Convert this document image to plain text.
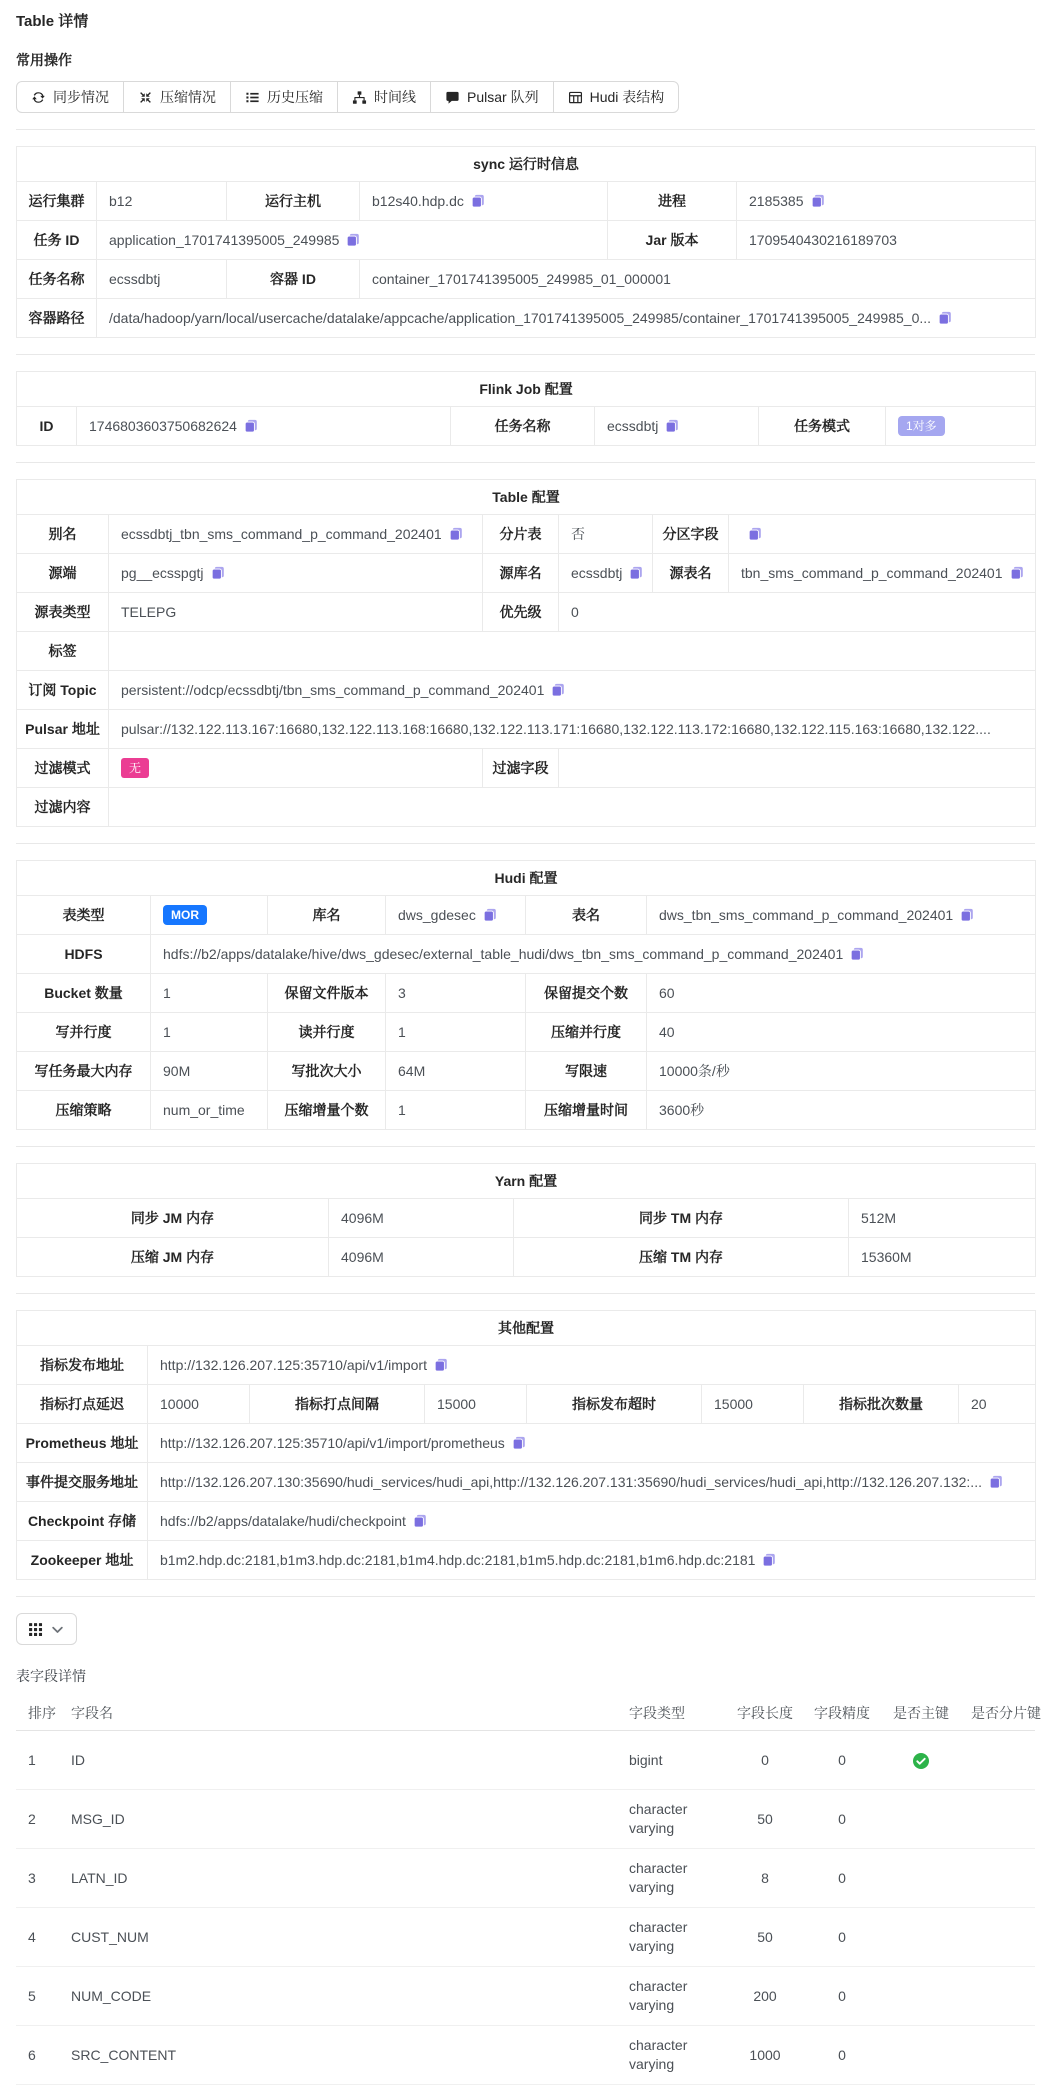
Table 详情
常用操作
同步情况	压缩情况	历史压缩	时间线	Pulsar 队列	Hudi 表结构
sync 运行时信息					
运行集群	b12	运行主机	b12s40.hdp.dc	进程	2185385

任务 ID	application_1701741395005_249985			Jar 版本	1709540430216189703
任务名称	ecssdbtj	容器 ID	container_1701741395005_249985_01_000001		
容器路径	/data/hadoop/yarn/local/usercache/datalake/appcache/application_1701741395005_249985/container_1701741395005_249985_0...				
Flink Job 配置
ID	1746803603750682624	任务名称	ecssdbtj	任务模式	1对多
Table 配置					
别名	ecssdbtj_tbn_sms_command_p_command_202401	分片表	否	分区字段	

源端	pg__ecsspgtj	源库名	ecssdbtj	源表名	tbn_sms_command_p_command_202401

源表类型	TELEPG	优先级	0		
标签					
订阅 Topic	persistent://odcp/ecssdbtj/tbn_sms_command_p_command_202401				

Pulsar 地址	pulsar://132.122.113.167:16680,132.122.113.168:16680,132.122.113.171:16680,132.122.113.172:16680,132.122.115.163:16680,132.122....				
过滤模式	无	过滤字段			
过滤内容					
Hudi 配置					
表类型	MOR	库名	dws_gdesec	表名	dws_tbn_sms_command_p_command_202401

HDFS	hdfs://b2/apps/datalake/hive/dws_gdesec/external_table_hudi/dws_tbn_sms_command_p_command_202401				

Bucket 数量	1	保留文件版本	3	保留提交个数	60
写并行度	1	读并行度	1	压缩并行度	40
写任务最大内存	90M	写批次大小	64M	写限速	10000条/秒
压缩策略	num_or_time	压缩增量个数	1	压缩增量时间	3600秒
Yarn 配置			
同步 JM 内存	4096M	同步 TM 内存	512M
压缩 JM 内存	4096M	压缩 TM 内存	15360M
其他配置							
指标发布地址	http://132.126.207.125:35710/api/v1/import						

指标打点延迟	10000	指标打点间隔	15000	指标发布超时	15000	指标批次数量	20
Prometheus 地址	http://132.126.207.125:35710/api/v1/import/prometheus						

事件提交服务地址	http://132.126.207.130:35690/hudi_services/hudi_api,http://132.126.207.131:35690/hudi_services/hudi_api,http://132.126.207.132:...						

Checkpoint 存储	hdfs://b2/apps/datalake/hudi/checkpoint						

Zookeeper 地址	b1m2.hdp.dc:2181,b1m3.hdp.dc:2181,b1m4.hdp.dc:2181,b1m5.hdp.dc:2181,b1m6.hdp.dc:2181						
表字段详情
排序	字段名	字段类型	字段长度	字段精度	是否主键	是否分片键
1	ID	bigint	0	0	

2	MSG_ID	character varying	50	0		
3	LATN_ID	character varying	8	0		
4	CUST_NUM	character varying	50	0		
5	NUM_CODE	character varying	200	0		
6	SRC_CONTENT	character varying	1000	0		
